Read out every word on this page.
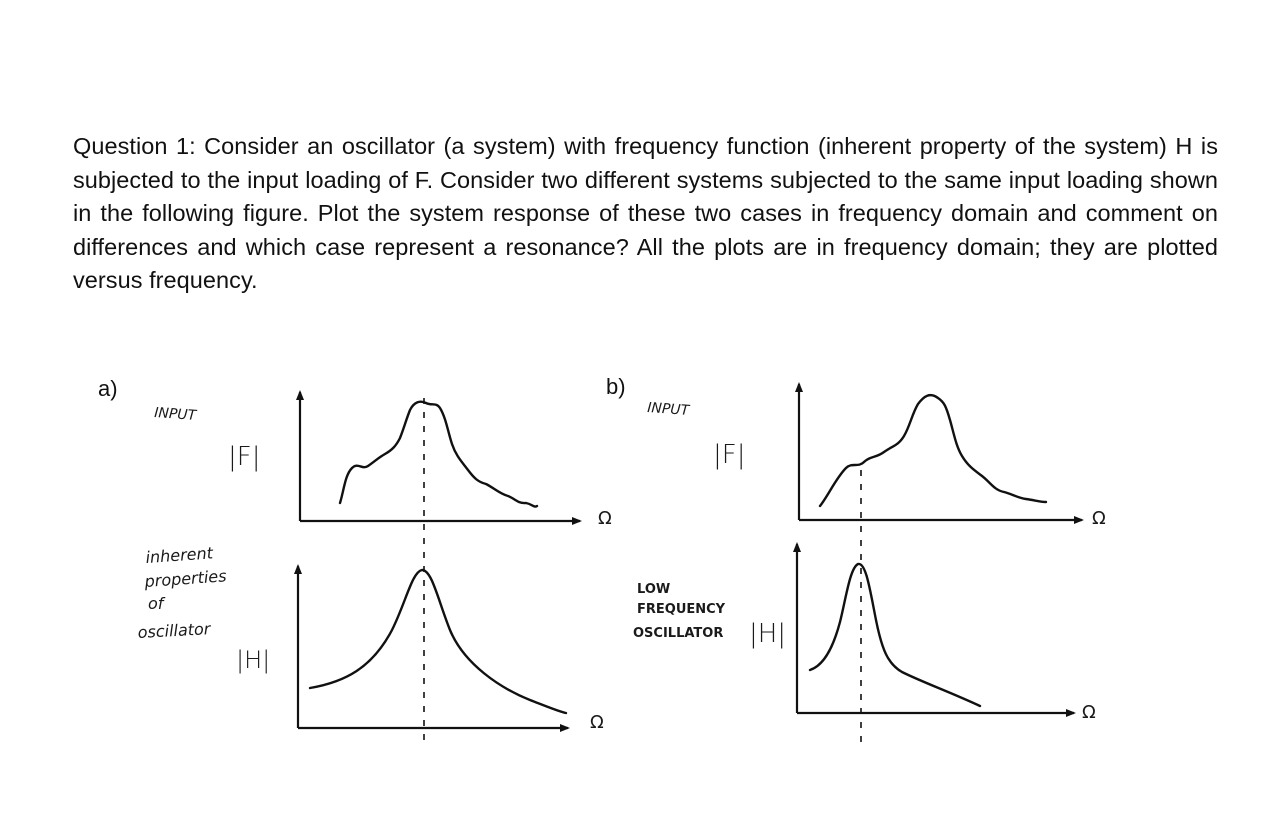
Question 1: Consider an oscillator (a system) with frequency function (inherent property of the system) H is subjected to the input loading of F. Consider two different systems subjected to the same input loading shown in the following figure. Plot the system response of these two cases in frequency domain and comment on differences and which case represent a resonance? All the plots are in frequency domain; they are plotted versus frequency.

a)
INPUT
|F|
Ω
inherent
properties
of
oscillator
|H|
Ω
b)
INPUT
|F|
Ω
LOW
FREQUENCY
OSCILLATOR |H|
Ω
